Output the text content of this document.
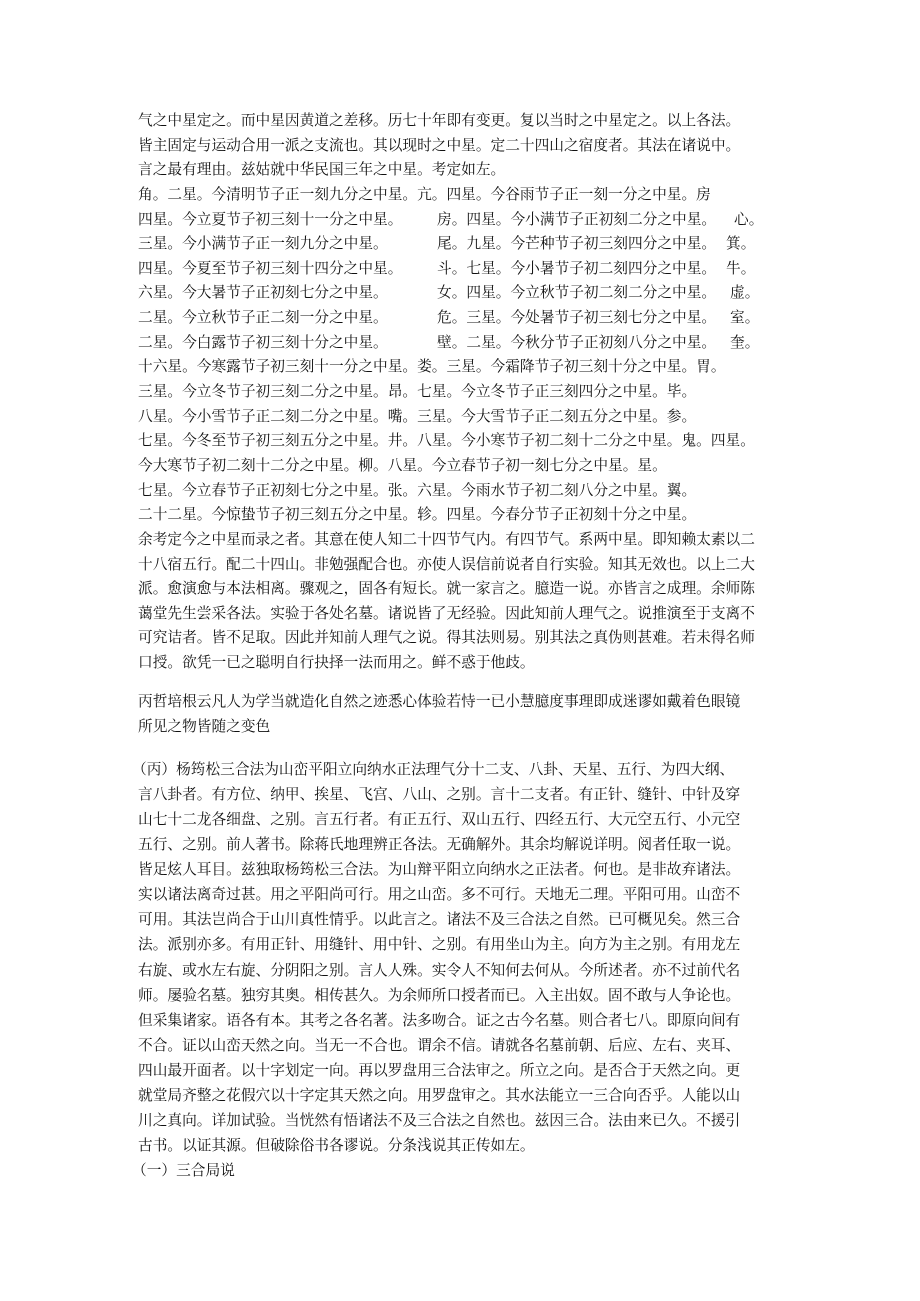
气之中星定之。而中星因黄道之差移。历七十年即有变更。复以当时之中星定之。以上各法。
皆主固定与运动合用一派之支流也。其以现时之中星。定二十四山之宿度者。其法在诸说中。
言之最有理由。兹姑就中华民国三年之中星。考定如左。
角。二星。今清明节子正一刻九分之中星。亢。四星。今谷雨节子正一刻一分之中星。房
四星。今立夏节子初三刻十一分之中星。 房。四星。今小满节子正初刻二分之中星。 心。
三星。今小满节子正一刻九分之中星。	尾。九星。今芒种节子初三刻四分之中星。 箕。
四星。今夏至节子初三刻十四分之中星。 斗。七星。今小暑节子初二刻四分之中星。 牛。
六星。今大暑节子正初刻七分之中星。	女。四星。今立秋节子初二刻二分之中星。 虚。
二星。今立秋节子正二刻一分之中星。	危。三星。今处暑节子初三刻七分之中星。 室。
二星。今白露节子初三刻十分之中星。	壁。二星。今秋分节子正初刻八分之中星。 奎。
十六星。今寒露节子初三刻十一分之中星。娄。三星。今霜降节子初三刻十分之中星。胃。
三星。今立冬节子初三刻二分之中星。昂。七星。今立冬节子正三刻四分之中星。毕。
八星。今小雪节子正二刻二分之中星。嘴。三星。今大雪节子正二刻五分之中星。参。
七星。今冬至节子初三刻五分之中星。井。八星。今小寒节子初二刻十二分之中星。鬼。四星。
今大寒节子初二刻十二分之中星。柳。八星。今立春节子初一刻七分之中星。星。
七星。今立春节子正初刻七分之中星。张。六星。今雨水节子初二刻八分之中星。翼。
二十二星。今惊蛰节子初三刻五分之中星。轸。四星。今春分节子正初刻十分之中星。
余考定今之中星而录之者。其意在使人知二十四节气内。有四节气。系两中星。即知赖太素以二
十八宿五行。配二十四山。非勉强配合也。亦使人误信前说者自行实验。知其无效也。以上二大
派。愈演愈与本法相离。骤观之，固各有短长。就一家言之。臆造一说。亦皆言之成理。余师陈
蔼堂先生尝采各法。实验于各处名墓。诸说皆了无经验。因此知前人理气之。说推演至于支离不
可究诘者。皆不足取。因此并知前人理气之说。得其法则易。别其法之真伪则甚难。若未得名师
口授。欲凭一已之聪明自行抉择一法而用之。鲜不惑于他歧。
丙哲培根云凡人为学当就造化自然之迹悉心体验若恃一已小慧臆度事理即成迷谬如戴着色眼镜
所见之物皆随之变色
（丙）杨筠松三合法为山峦平阳立向纳水正法理气分十二支、八卦、天星、五行、为四大纲、
言八卦者。有方位、纳甲、挨星、飞宫、八山、之别。言十二支者。有正针、缝针、中针及穿
山七十二龙各细盘、之别。言五行者。有正五行、双山五行、四经五行、大元空五行、小元空
五行、之别。前人著书。除蒋氏地理辨正各法。无确解外。其余均解说详明。阅者任取一说。
皆足炫人耳目。兹独取杨筠松三合法。为山辩平阳立向纳水之正法者。何也。是非故弃诸法。
实以诸法离奇过甚。用之平阳尚可行。用之山峦。多不可行。天地无二理。平阳可用。山峦不
可用。其法岂尚合于山川真性情乎。以此言之。诸法不及三合法之自然。已可概见矣。然三合
法。派别亦多。有用正针、用缝针、用中针、之别。有用坐山为主。向方为主之别。有用龙左
右旋、或水左右旋、分阴阳之别。言人人殊。实令人不知何去何从。今所述者。亦不过前代名
师。屡验名墓。独穷其奥。相传甚久。为余师所口授者而已。入主出奴。固不敢与人争论也。
但采集诸家。语各有本。其考之各名著。法多吻合。证之古今名墓。则合者七八。即原向间有
不合。证以山峦天然之向。当无一不合也。谓余不信。请就各名墓前朝、后应、左右、夹耳、
四山最开面者。以十字划定一向。再以罗盘用三合法审之。所立之向。是否合于天然之向。更
就堂局齐整之花假穴以十字定其天然之向。用罗盘审之。其水法能立一三合向否乎。人能以山
川之真向。详加试验。当恍然有悟诸法不及三合法之自然也。兹因三合。法由来已久。不援引
古书。以证其源。但破除俗书各谬说。分条浅说其正传如左。
（一）三合局说
